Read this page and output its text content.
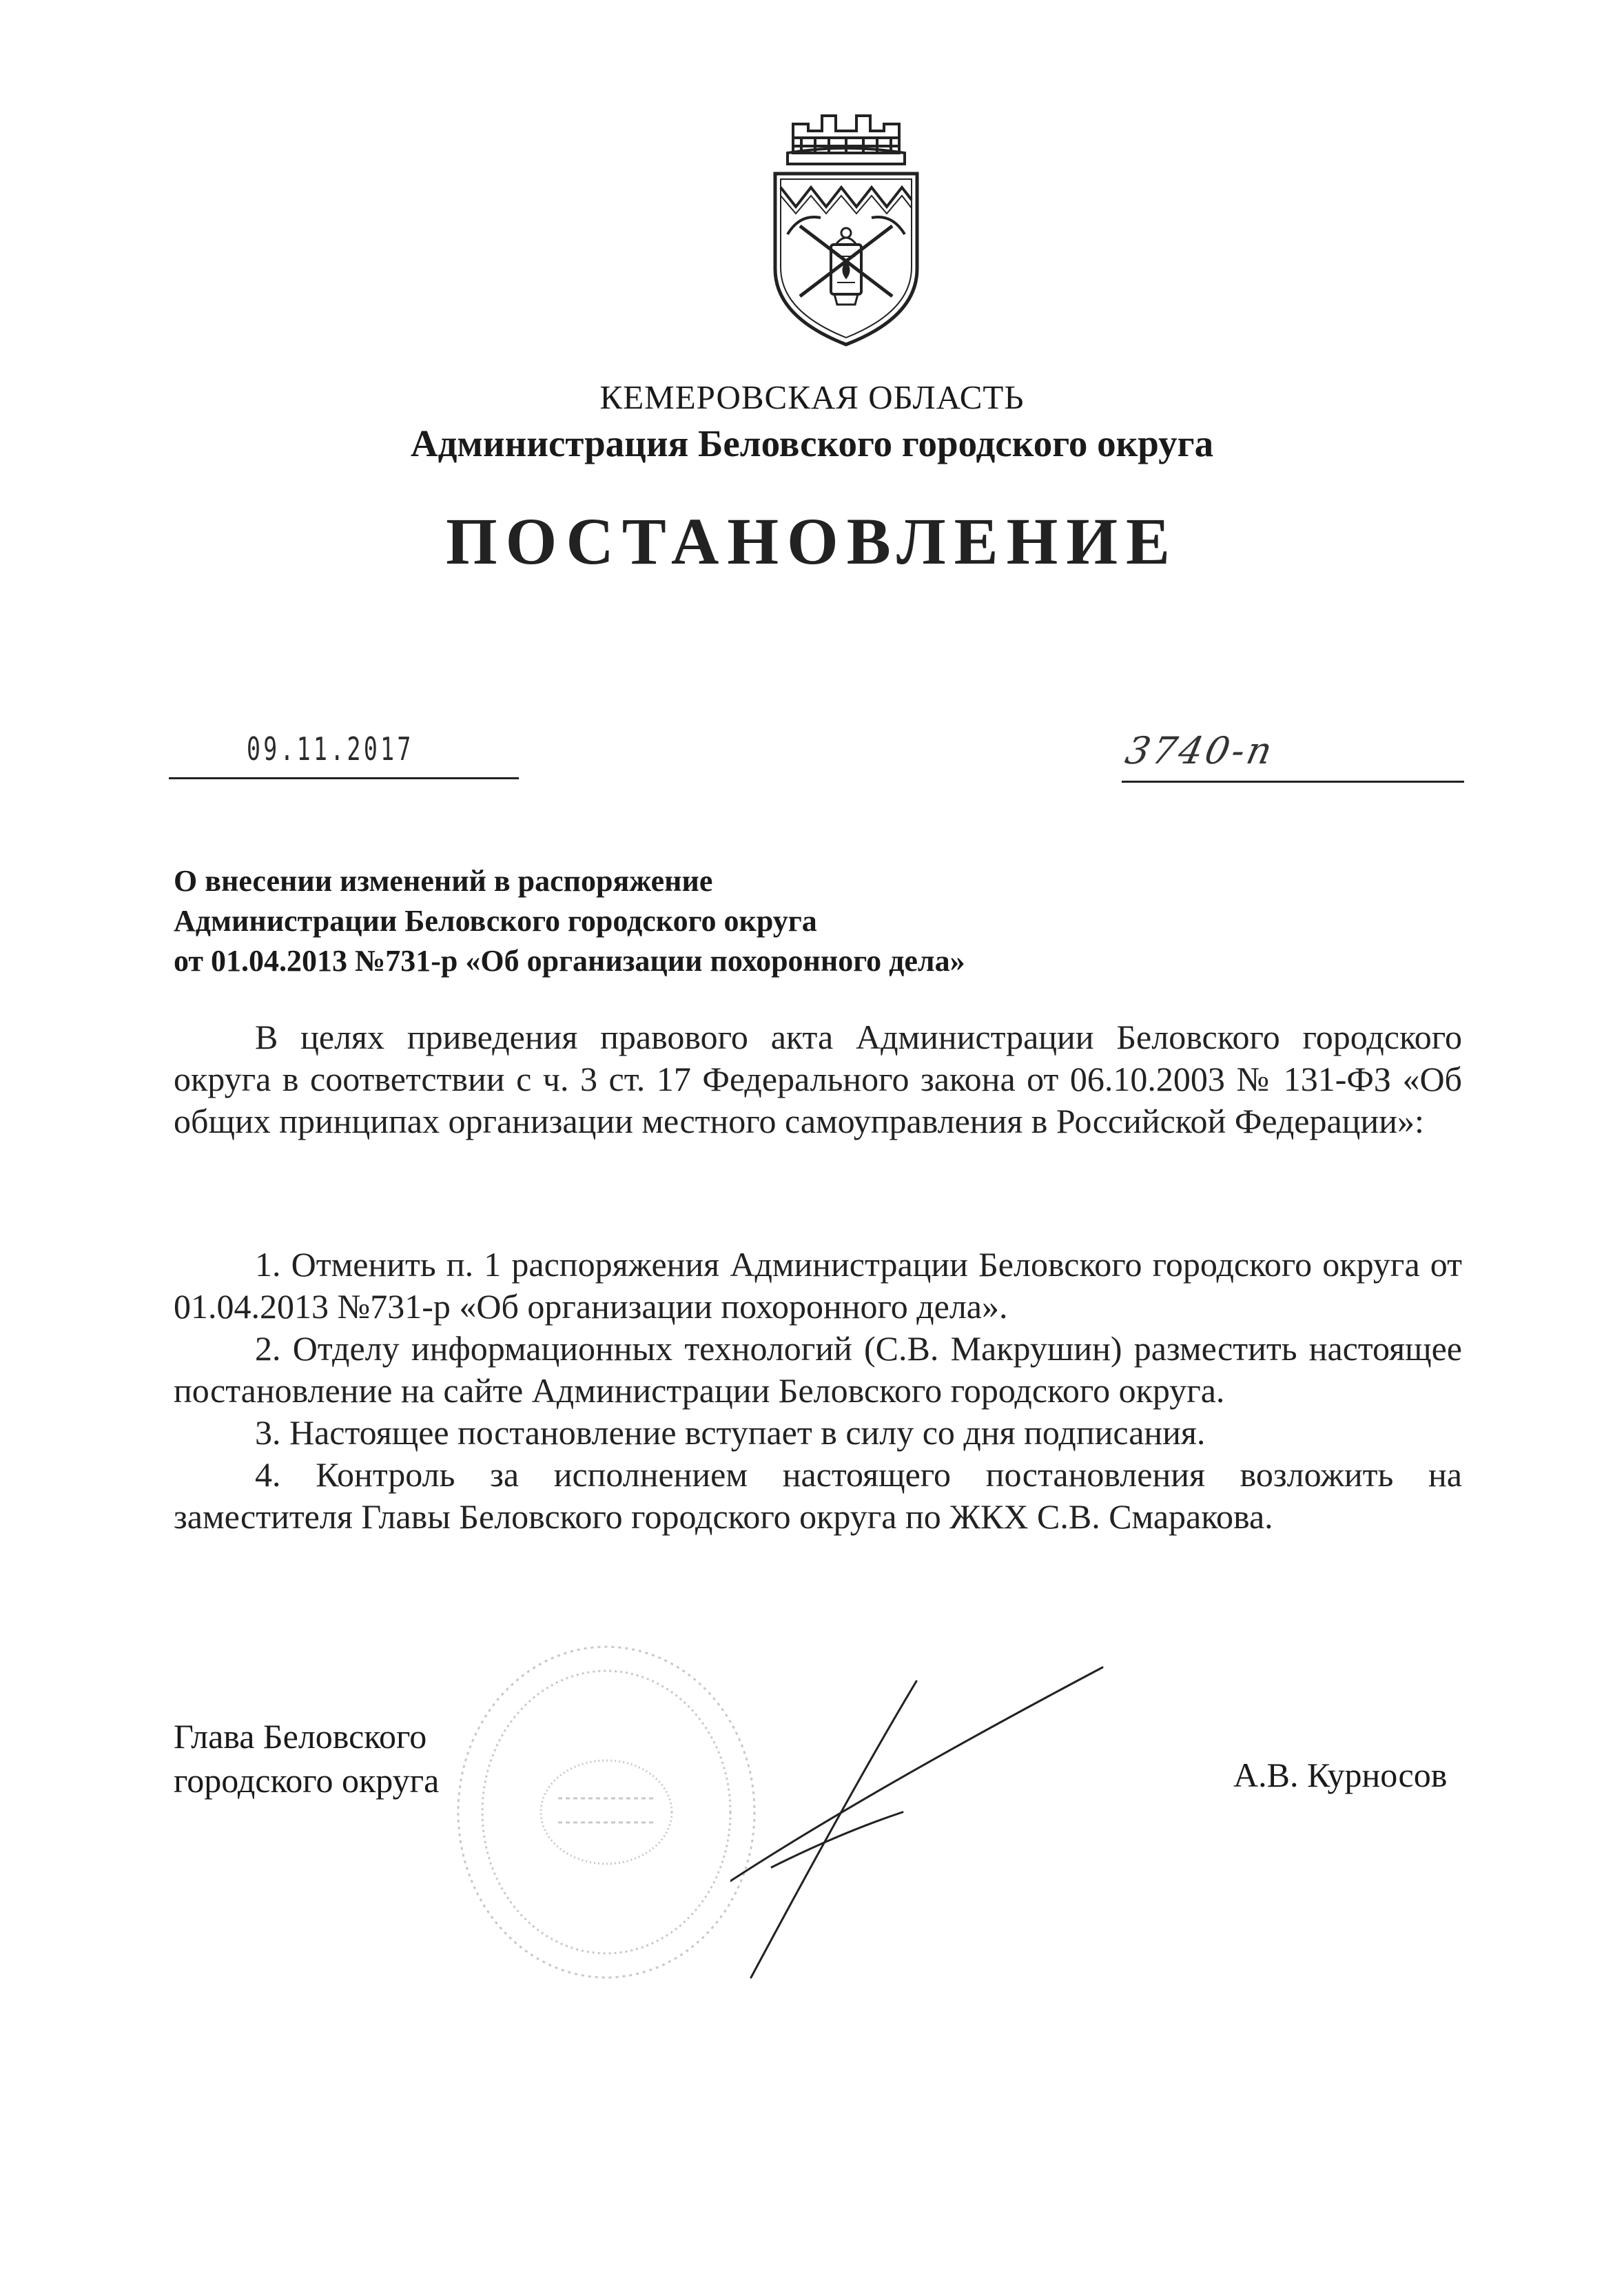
КЕМЕРОВСКАЯ ОБЛАСТЬ
Администрация Беловского городского округа
ПОСТАНОВЛЕНИЕ
09.11.2017	3740-п
О внесении изменений в распоряжение
Администрации Беловского городского округа
от 01.04.2013 №731-р «Об организации похоронного дела»

В целях приведения правового акта Администрации Беловского городского округа в соответствии с ч. 3 ст. 17 Федерального закона от 06.10.2003 № 131-ФЗ «Об общих принципах организации местного самоуправления в Российской Федерации»:

1. Отменить п. 1 распоряжения Администрации Беловского городского округа от 01.04.2013 №731-р «Об организации похоронного дела».

2. Отделу информационных технологий (С.В. Макрушин) разместить настоящее постановление на сайте Администрации Беловского городского округа.

3. Настоящее постановление вступает в силу со дня подписания.

4. Контроль за исполнением настоящего постановления возложить на заместителя Главы Беловского городского округа по ЖКХ С.В. Смаракова.

Глава Беловского
городского округа	А.В. Курносов
